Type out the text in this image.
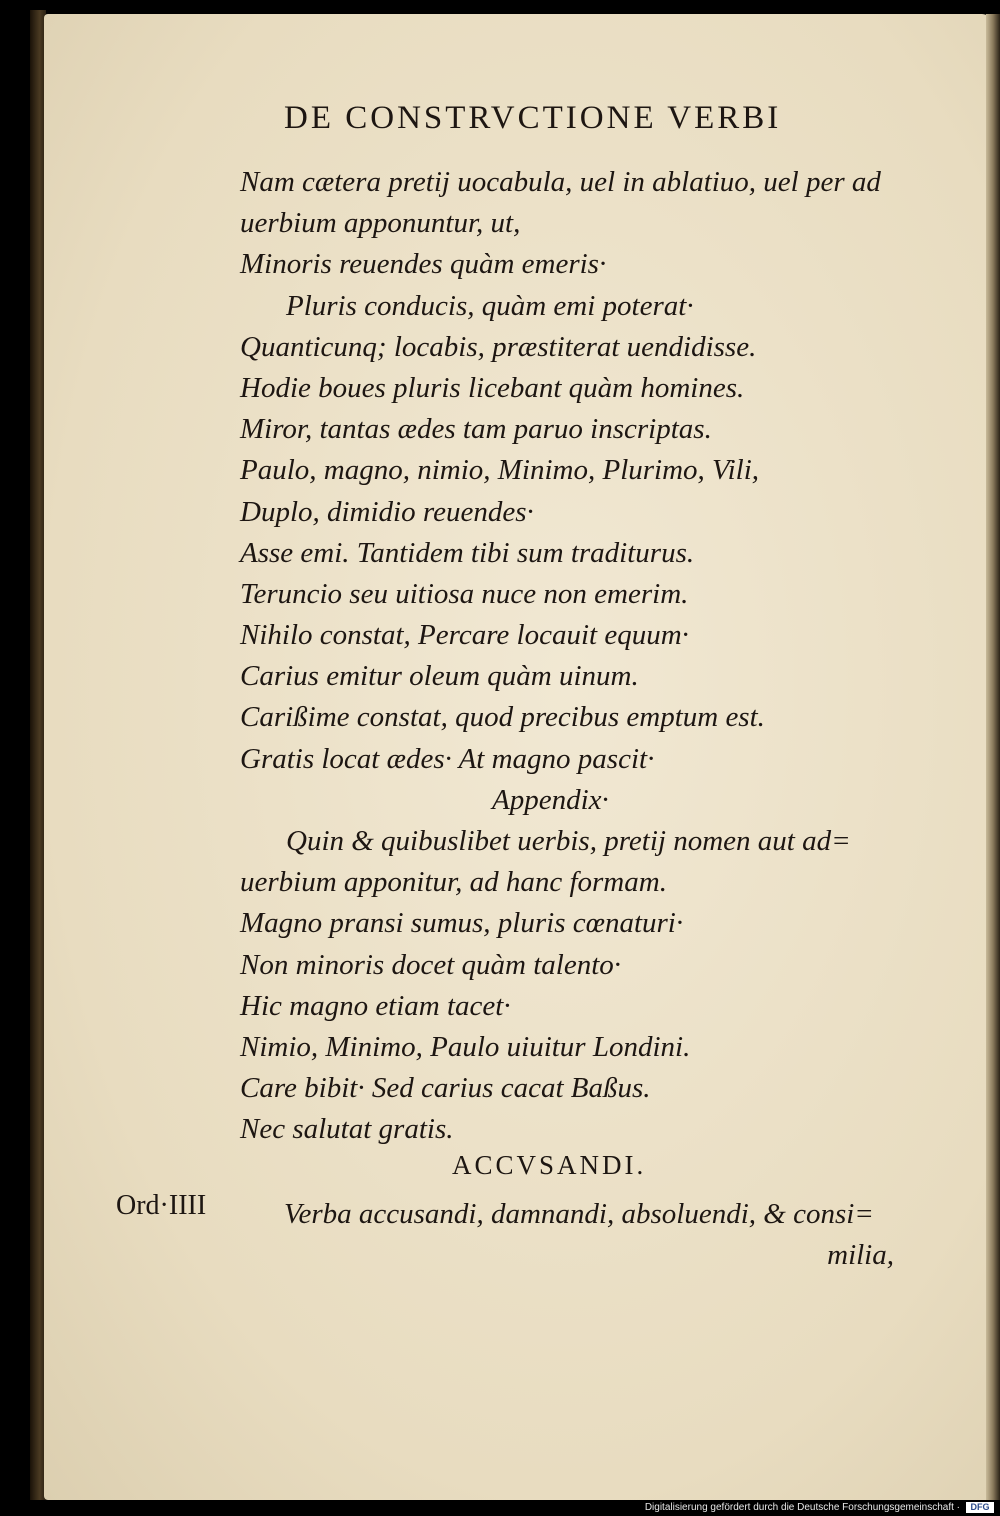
DE CONSTRVCTIONE VERBI
Nam cætera pretij uocabula, uel in ablatiuo, uel per ad
uerbium apponuntur, ut,
Minoris reuendes quàm emeris·
Pluris conducis, quàm emi poterat·
Quanticunq; locabis, præstiterat uendidisse.
Hodie boues pluris licebant quàm homines.
Miror, tantas ædes tam paruo inscriptas.
Paulo, magno, nimio, Minimo, Plurimo, Vili,
Duplo, dimidio reuendes·
Asse emi. Tantidem tibi sum traditurus.
Teruncio seu uitiosa nuce non emerim.
Nihilo constat, Percare locauit equum·
Carius emitur oleum quàm uinum.
Carißime constat, quod precibus emptum est.
Gratis locat ædes· At magno pascit·
Appendix·
Quin & quibuslibet uerbis, pretij nomen aut ad=
uerbium apponitur, ad hanc formam.
Magno pransi sumus, pluris cœnaturi·
Non minoris docet quàm talento·
Hic magno etiam tacet·
Nimio, Minimo, Paulo uiuitur Londini.
Care bibit· Sed carius cacat Baßus.
Nec salutat gratis.
ACCVSANDI.
Ord·IIII	Verba accusandi, damnandi, absoluendi, & consi=
milia,
Digitalisierung gefördert durch die Deutsche Forschungsgemeinschaft ·	DFG
